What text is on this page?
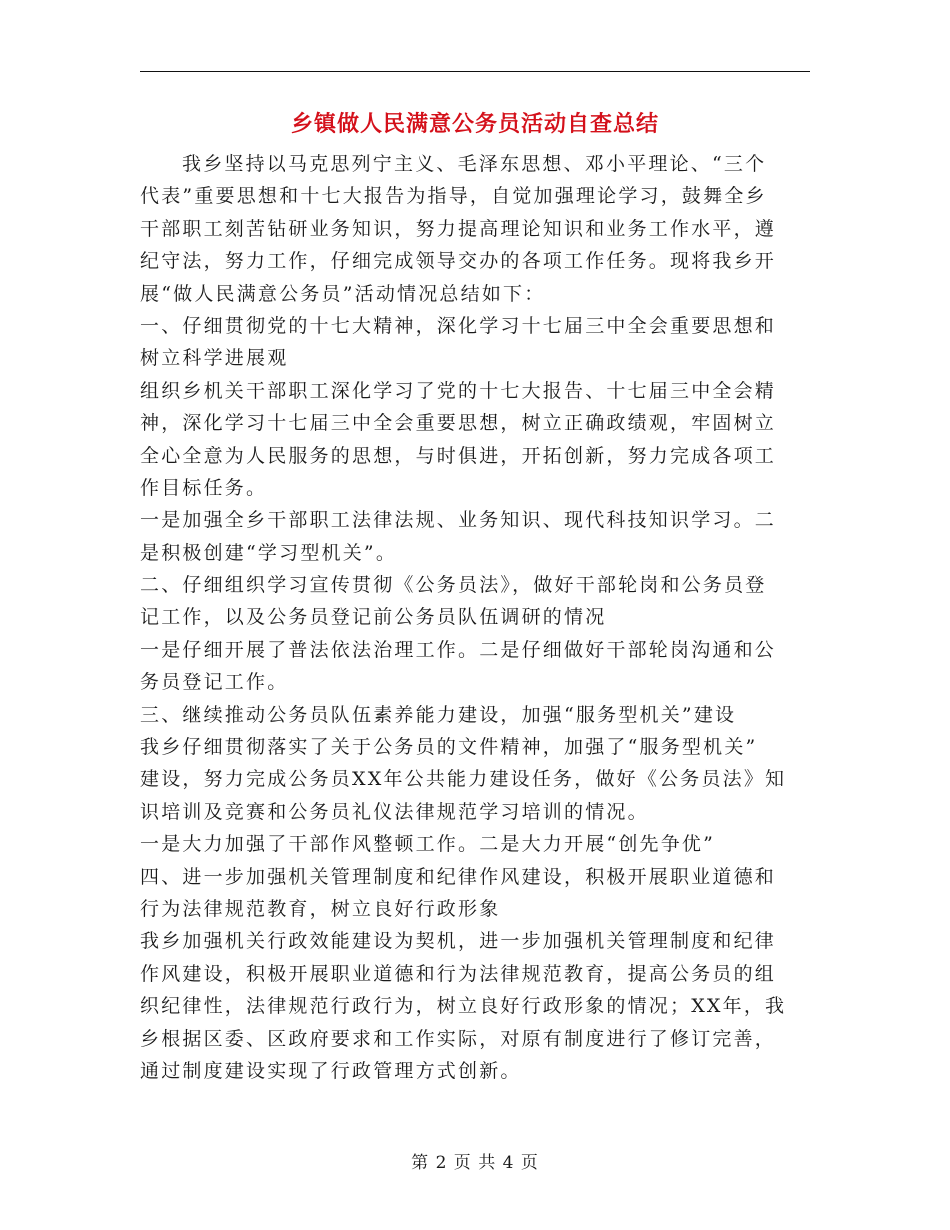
乡镇做人民满意公务员活动自查总结
我乡坚持以马克思列宁主义、毛泽东思想、邓小平理论、“三个
代表”重要思想和十七大报告为指导，自觉加强理论学习，鼓舞全乡
干部职工刻苦钻研业务知识，努力提高理论知识和业务工作水平，遵
纪守法，努力工作，仔细完成领导交办的各项工作任务。现将我乡开
展“做人民满意公务员”活动情况总结如下：
一、仔细贯彻党的十七大精神，深化学习十七届三中全会重要思想和
树立科学进展观
组织乡机关干部职工深化学习了党的十七大报告、十七届三中全会精
神，深化学习十七届三中全会重要思想，树立正确政绩观，牢固树立
全心全意为人民服务的思想，与时俱进，开拓创新，努力完成各项工
作目标任务。
一是加强全乡干部职工法律法规、业务知识、现代科技知识学习。二
是积极创建“学习型机关”。
二、仔细组织学习宣传贯彻《公务员法》，做好干部轮岗和公务员登
记工作，以及公务员登记前公务员队伍调研的情况
一是仔细开展了普法依法治理工作。二是仔细做好干部轮岗沟通和公
务员登记工作。
三、继续推动公务员队伍素养能力建设，加强“服务型机关”建设
我乡仔细贯彻落实了关于公务员的文件精神，加强了“服务型机关”
建设，努力完成公务员XX年公共能力建设任务，做好《公务员法》知
识培训及竞赛和公务员礼仪法律规范学习培训的情况。
一是大力加强了干部作风整顿工作。二是大力开展“创先争优”
四、进一步加强机关管理制度和纪律作风建设，积极开展职业道德和
行为法律规范教育，树立良好行政形象
我乡加强机关行政效能建设为契机，进一步加强机关管理制度和纪律
作风建设，积极开展职业道德和行为法律规范教育，提高公务员的组
织纪律性，法律规范行政行为，树立良好行政形象的情况；XX年，我
乡根据区委、区政府要求和工作实际，对原有制度进行了修订完善，
通过制度建设实现了行政管理方式创新。
第 2 页 共 4 页
